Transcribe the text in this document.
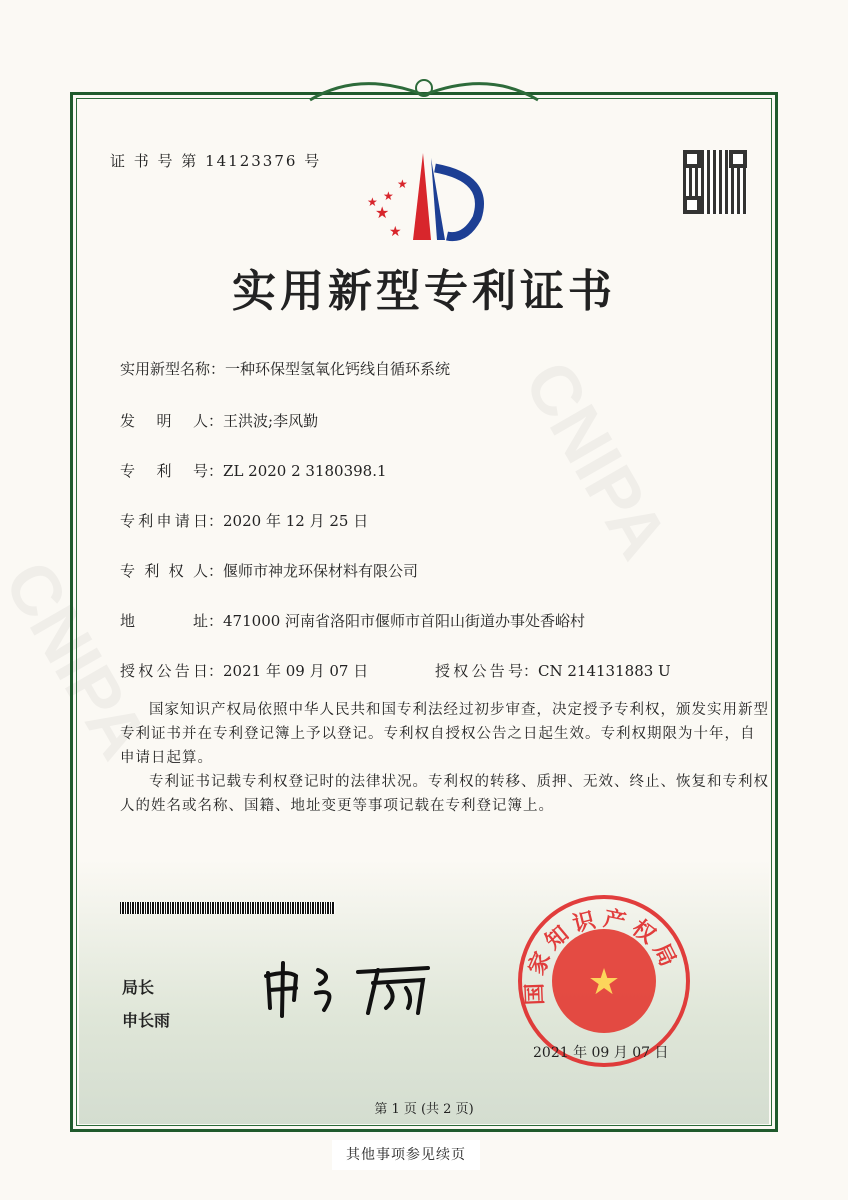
证 书 号 第 14123376 号
★
★ ★
★
★
实用新型专利证书
实用新型名称：一种环保型氢氧化钙线自循环系统
发明人：王洪波;李风勤
专利号：ZL 2020 2 3180398.1
专利申请日：2020 年 12 月 25 日
专利权人：偃师市神龙环保材料有限公司
地址：471000 河南省洛阳市偃师市首阳山街道办事处香峪村
授权公告日：2021 年 09 月 07 日	授权公告号：CN 214131883 U

国家知识产权局依照中华人民共和国专利法经过初步审查，决定授予专利权，颁发实用新型专利证书并在专利登记簿上予以登记。专利权自授权公告之日起生效。专利权期限为十年，自申请日起算。

专利证书记载专利权登记时的法律状况。专利权的转移、质押、无效、终止、恢复和专利权人的姓名或名称、国籍、地址变更等事项记载在专利登记簿上。

局长
申长雨
国家知识产权局
★
2021 年 09 月 07 日
第 1 页 (共 2 页)
其他事项参见续页
